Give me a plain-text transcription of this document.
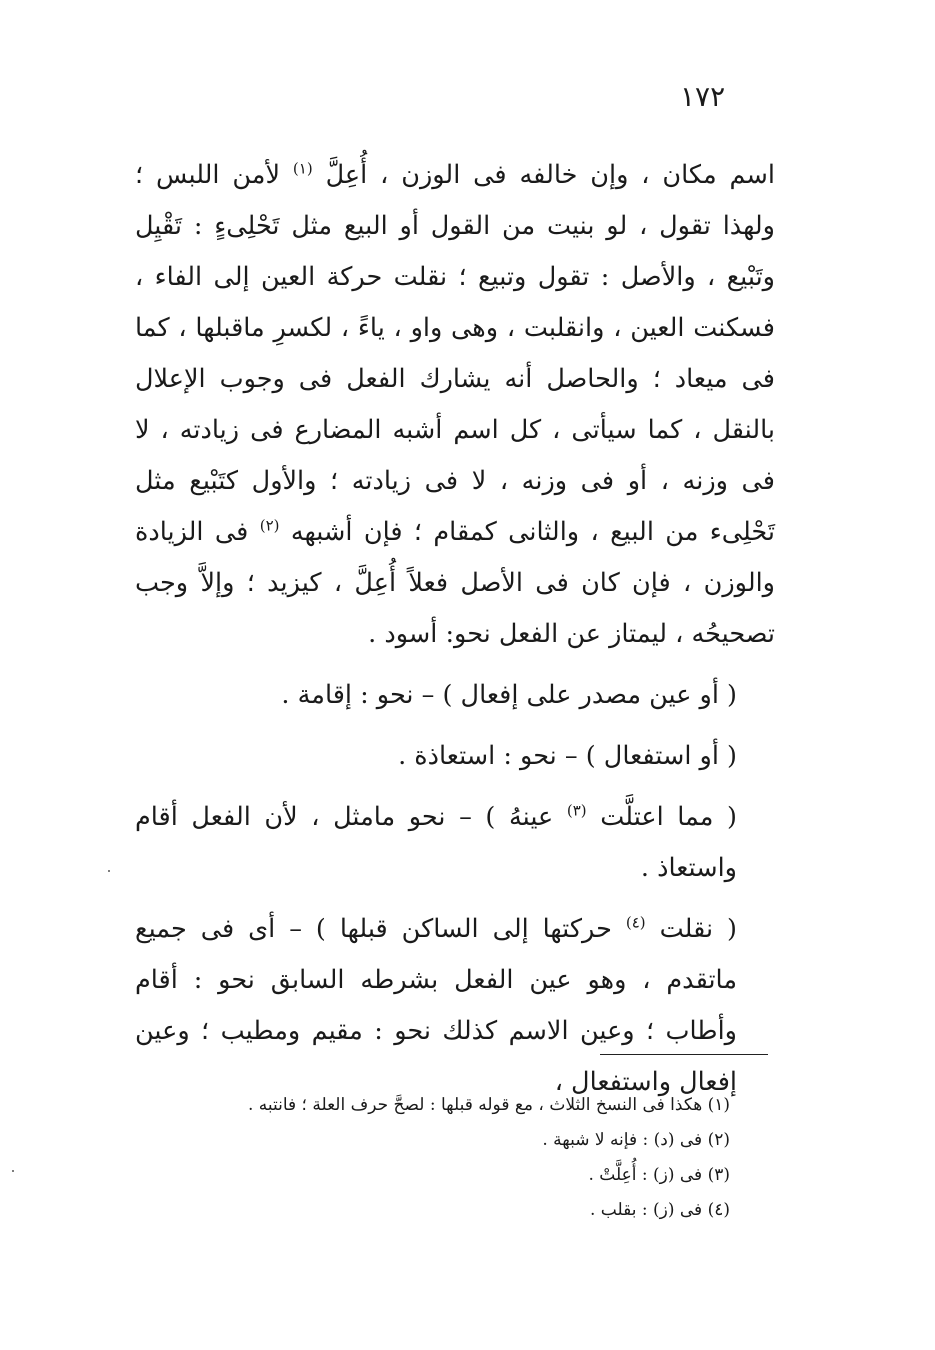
١٧٢

اسم مكان ، وإن خالفه فى الوزن ، أُعِلَّ $^{(١)}$ لأمن اللبس ؛ ولهذا تقول ، لو بنيت من القول أو البيع مثل تَحْلِىءٍ : تَقْيِل وتَبْيع ، والأصل : تقول وتبيع ؛ نقلت حركة العين إلى الفاء ، فسكنت العين ، وانقلبت ، وهى واو ، ياءً ، لكسرِ ماقبلها ، كما فى ميعاد ؛ والحاصل أنه يشارك الفعل فى وجوب الإعلال بالنقل ، كما سيأتى ، كل اسم أشبه المضارع فى زيادته ، لا فى وزنه ، أو فى وزنه ، لا فى زيادته ؛ والأول كتَبْيع مثل تَحْلِىء من البيع ، والثانى كمقام ؛ فإن أشبهه $^{(٢)}$ فى الزيادة والوزن ، فإن كان فى الأصل فعلاً أُعِلَّ ، كيزيد ؛ وإلاَّ وجب تصحيحُه ، ليمتاز عن الفعل نحو: أسود .

( أو عين مصدر على إفعال ) – نحو : إقامة .

( أو استفعال ) – نحو : استعاذة .

( مما اعتلَّت $^{(٣)}$ عينهُ ) – نحو مامثل ، لأن الفعل أقام واستعاذ .

( نقلت $^{(٤)}$ حركتها إلى الساكن قبلها ) – أى فى جميع ماتقدم ، وهو عين الفعل بشرطه السابق نحو : أقام وأطاب ؛ وعين الاسم كذلك نحو : مقيم ومطيب ؛ وعين إفعال واستفعال ،

(١) هكذا فى النسخ الثلاث ، مع قوله قبلها : لصحَّ حرف العلة ؛ فانتبه .

(٢) فى (د) : فإنه لا شبهة .

(٣) فى (ز) : أُعِلَّتْ .

(٤) فى (ز) : بقلب .
